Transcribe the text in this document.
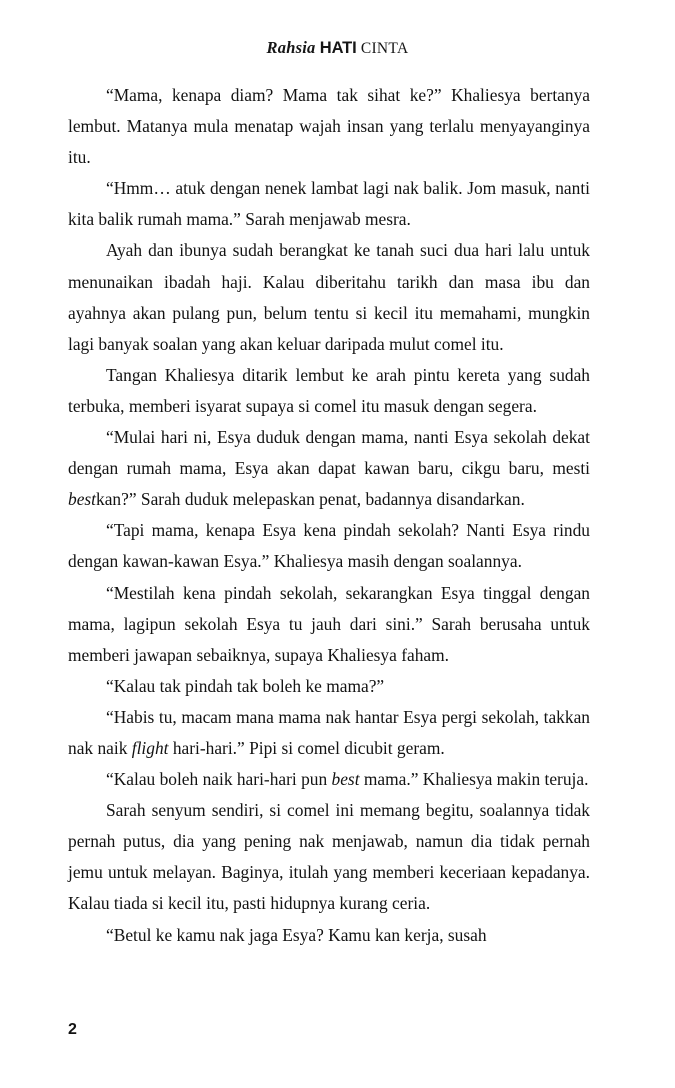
Rahsia HATI CINTA

“Mama, kenapa diam? Mama tak sihat ke?” Khaliesya bertanya lembut. Matanya mula menatap wajah insan yang terlalu menyayanginya itu.

“Hmm… atuk dengan nenek lambat lagi nak balik. Jom masuk, nanti kita balik rumah mama.” Sarah menjawab mesra.

Ayah dan ibunya sudah berangkat ke tanah suci dua hari lalu untuk menunaikan ibadah haji. Kalau diberitahu tarikh dan masa ibu dan ayahnya akan pulang pun, belum tentu si kecil itu memahami, mungkin lagi banyak soalan yang akan keluar daripada mulut comel itu.

Tangan Khaliesya ditarik lembut ke arah pintu kereta yang sudah terbuka, memberi isyarat supaya si comel itu masuk dengan segera.

“Mulai hari ni, Esya duduk dengan mama, nanti Esya sekolah dekat dengan rumah mama, Esya akan dapat kawan baru, cikgu baru, mesti bestkan?” Sarah duduk melepaskan penat, badannya disandarkan.

“Tapi mama, kenapa Esya kena pindah sekolah? Nanti Esya rindu dengan kawan-kawan Esya.” Khaliesya masih dengan soalannya.

“Mestilah kena pindah sekolah, sekarangkan Esya tinggal dengan mama, lagipun sekolah Esya tu jauh dari sini.” Sarah berusaha untuk memberi jawapan sebaiknya, supaya Khaliesya faham.

“Kalau tak pindah tak boleh ke mama?”

“Habis tu, macam mana mama nak hantar Esya pergi sekolah, takkan nak naik flight hari-hari.” Pipi si comel dicubit geram.

“Kalau boleh naik hari-hari pun best mama.” Khaliesya makin teruja.

Sarah senyum sendiri, si comel ini memang begitu, soalannya tidak pernah putus, dia yang pening nak menjawab, namun dia tidak pernah jemu untuk melayan. Baginya, itulah yang memberi keceriaan kepadanya. Kalau tiada si kecil itu, pasti hidupnya kurang ceria.

“Betul ke kamu nak jaga Esya? Kamu kan kerja, susah

2
